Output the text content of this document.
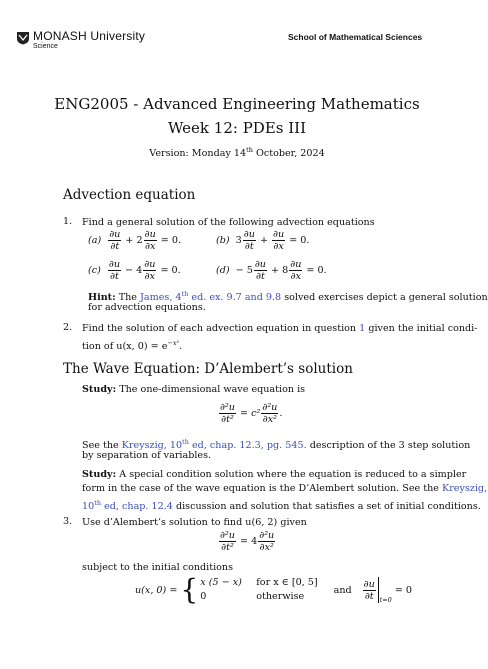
MONASH University
Science
School of Mathematical Sciences
ENG2005 - Advanced Engineering Mathematics
Week 12: PDEs III
Version: Monday 14th October, 2024
Advection equation
1. Find a general solution of the following advection equations
$(a) \frac{\partial u}{\partial t} + 2 \frac{\partial u}{\partial x} = 0$.	(b) $3 \frac{\partial u}{\partial t} + \frac{\partial u}{\partial x} = 0$.
$(c) \frac{\partial u}{\partial t} - 4 \frac{\partial u}{\partial x} = 0$.	$(d) - 5 \frac{\partial u}{\partial t} + 8 \frac{\partial u}{\partial x} = 0$.
Hint: The James, 4th ed. ex. 9.7 and 9.8 solved exercises depict a general solution
for advection equations.
2. Find the solution of each advection equation in question 1 given the initial condi-
tion of u(x, $0) = e^{-x^2}$.
The Wave Equation: D’Alembert’s solution
Study: The one-dimensional wave equation is
$\frac{\text{∂²u}}{\text{∂t²}} = c^2 \frac{\text{∂²u}}{\text{∂x²}}$ .
See the Kreyszig, 10th ed, chap. 12.3, pg. 545. description of the 3 step solution
by separation of variables.
Study: A special condition solution where the equation is reduced to a simpler
form in the case of the wave equation is the D’Alembert solution. See the Kreyszig,
10th ed, chap. 12.4 discussion and solution that satisfies a set of initial conditions.
3. Use d’Alembert’s solution to find u(6, 2) given
$\frac{\text{∂²u}}{\text{∂t²}} = 4 \frac{\text{∂²u}}{\text{∂x²}}$
subject to the initial conditions
u(x, 0) = { x (5 − x)	for x ∈ [0, 5]
0	otherwise
and $\frac{\partial u}{\partial t} t=0$
= 0
